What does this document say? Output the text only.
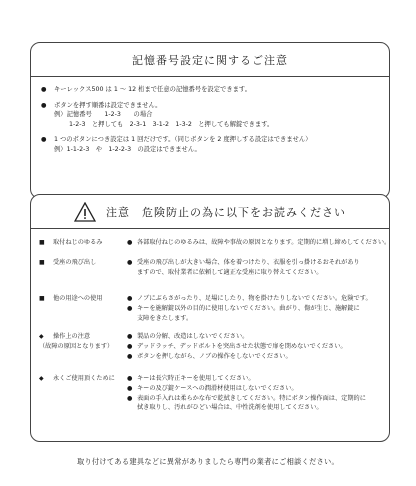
記憶番号設定に関するご注意

● キーレックス500 は 1 ～ 12 桁まで任意の記憶番号を設定できます。

● ボタンを押す順番は設定できません。

例）記憶番号　　1-2-3　　の場合

1-2-3　と押しても　2-3-1　3-1-2　1-3-2　と押しても解錠できます。

● 1 つのボタンにつき設定は 1 回だけです。（同じボタンを 2 度押しする設定はできません）

例）1-1-2-3　や　1-2-2-3　の設定はできません。

注意　危険防止の為に以下をお読みください
■ 取付ねじのゆるみ	● 各部取付ねじのゆるみは、故障や事故の原因となります。定期的に増し締めしてください。
■ 受座の飛び出し	● 受座の飛び出しが大きい場合、体を着つけたり、衣服を引っ掛けるおそれがあり
ますので、取付業者に依頼して適正な受座に取り替えてください。
■ 他の用途への使用	● ノブにぶらさがったり、足場にしたり、物を掛けたりしないでください。危険です。
● キーを施解錠以外の目的に使用しないでください。曲がり、傷が生じ、施解錠に
支障をきたします。
◆ 操作上の注意
（故障の原因となります）
● 製品の分解、改造はしないでください。
● デッドラッチ、デッドボルトを突出させた状態で扉を閉めないでください。
● ボタンを押しながら、ノブの操作をしないでください。
◆ 永くご使用頂くために	● キーは長穴時正キーを使用してください。
● キーの及び錠ケースへの潤滑材使用はしないでください。
● 表面の手入れは柔らかな布で乾拭きしてください。特にボタン操作面は、定期的に
拭き取りし、汚れがひどい場合は、中性洗剤を使用してください。
取り付けてある建具などに異常がありましたら専門の業者にご相談ください。
